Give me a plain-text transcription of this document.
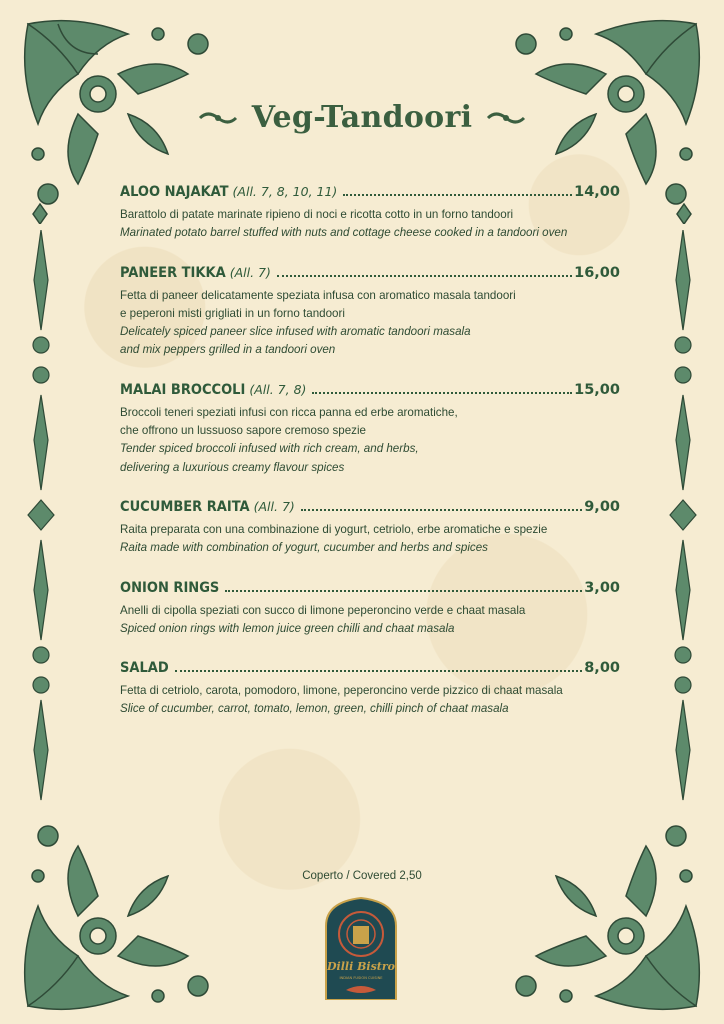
Veg-Tandoori
ALOO NAJAKAT (All. 7, 8, 10, 11)	14,00
Barattolo di patate marinate ripieno di noci e ricotta cotto in un forno tandoori
Marinated potato barrel stuffed with nuts and cottage cheese cooked in a tandoori oven
PANEER TIKKA (All. 7)	16,00
Fetta di paneer delicatamente speziata infusa con aromatico masala tandoori
e peperoni misti grigliati in un forno tandoori
Delicately spiced paneer slice infused with aromatic tandoori masala
and mix peppers grilled in a tandoori oven
MALAI BROCCOLI (All. 7, 8)	15,00
Broccoli teneri speziati infusi con ricca panna ed erbe aromatiche,
che offrono un lussuoso sapore cremoso spezie
Tender spiced broccoli infused with rich cream, and herbs,
delivering a luxurious creamy flavour spices
CUCUMBER RAITA (All. 7)	9,00
Raita preparata con una combinazione di yogurt, cetriolo, erbe aromatiche e spezie
Raita made with combination of yogurt, cucumber and herbs and spices
ONION RINGS	3,00
Anelli di cipolla speziati con succo di limone peperoncino verde e chaat masala
Spiced onion rings with lemon juice green chilli and chaat masala
SALAD	8,00
Fetta di cetriolo, carota, pomodoro, limone, peperoncino verde pizzico di chaat masala
Slice of cucumber, carrot, tomato, lemon, green, chilli pinch of chaat masala
Coperto / Covered 2,50
Dilli Bistro
INDIAN FUSION CUISINE
